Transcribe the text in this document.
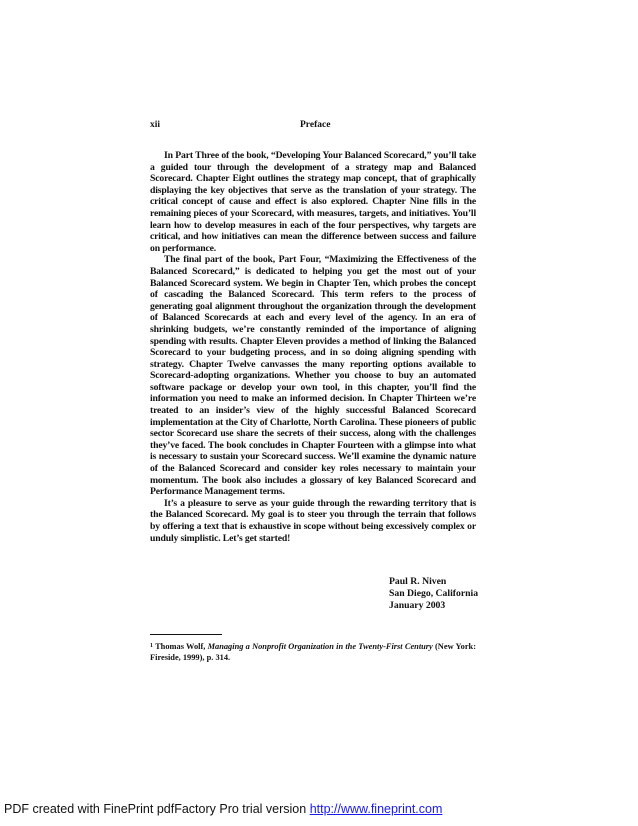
xii	Preface

In Part Three of the book, “Developing Your Balanced Scorecard,” you’ll take a guided tour through the development of a strategy map and Balanced Scorecard. Chapter Eight outlines the strategy map concept, that of graphically displaying the key objectives that serve as the translation of your strategy. The critical concept of cause and effect is also explored. Chapter Nine fills in the remaining pieces of your Scorecard, with measures, targets, and initiatives. You’ll learn how to develop measures in each of the four perspectives, why targets are critical, and how initiatives can mean the difference between success and failure on performance.

The final part of the book, Part Four, “Maximizing the Effectiveness of the Balanced Scorecard,” is dedicated to helping you get the most out of your Balanced Scorecard system. We begin in Chapter Ten, which probes the concept of cascading the Balanced Scorecard. This term refers to the process of generating goal alignment throughout the organization through the development of Balanced Scorecards at each and every level of the agency. In an era of shrinking budgets, we’re constantly reminded of the importance of aligning spending with results. Chapter Eleven provides a method of linking the Balanced Scorecard to your budgeting process, and in so doing aligning spending with strategy. Chapter Twelve canvasses the many reporting options available to Scorecard-adopting organizations. Whether you choose to buy an automated software package or develop your own tool, in this chapter, you’ll find the information you need to make an informed decision. In Chapter Thirteen we’re treated to an insider’s view of the highly successful Balanced Scorecard implementation at the City of Charlotte, North Carolina. These pioneers of public sector Scorecard use share the secrets of their success, along with the challenges they’ve faced. The book concludes in Chapter Fourteen with a glimpse into what is necessary to sustain your Scorecard success. We’ll examine the dynamic nature of the Balanced Scorecard and consider key roles necessary to maintain your momentum. The book also includes a glossary of key Balanced Scorecard and Performance Management terms.

It’s a pleasure to serve as your guide through the rewarding territory that is the Balanced Scorecard. My goal is to steer you through the terrain that follows by offering a text that is exhaustive in scope without being excessively complex or unduly simplistic. Let’s get started!

Paul R. Niven
San Diego, California
January 2003
$^1$ Thomas Wolf, Managing a Nonprofit Organization in the Twenty-First Century (New York: Fireside, 1999), p. 314.
PDF created with FinePrint pdfFactory Pro trial version http://www.fineprint.com
